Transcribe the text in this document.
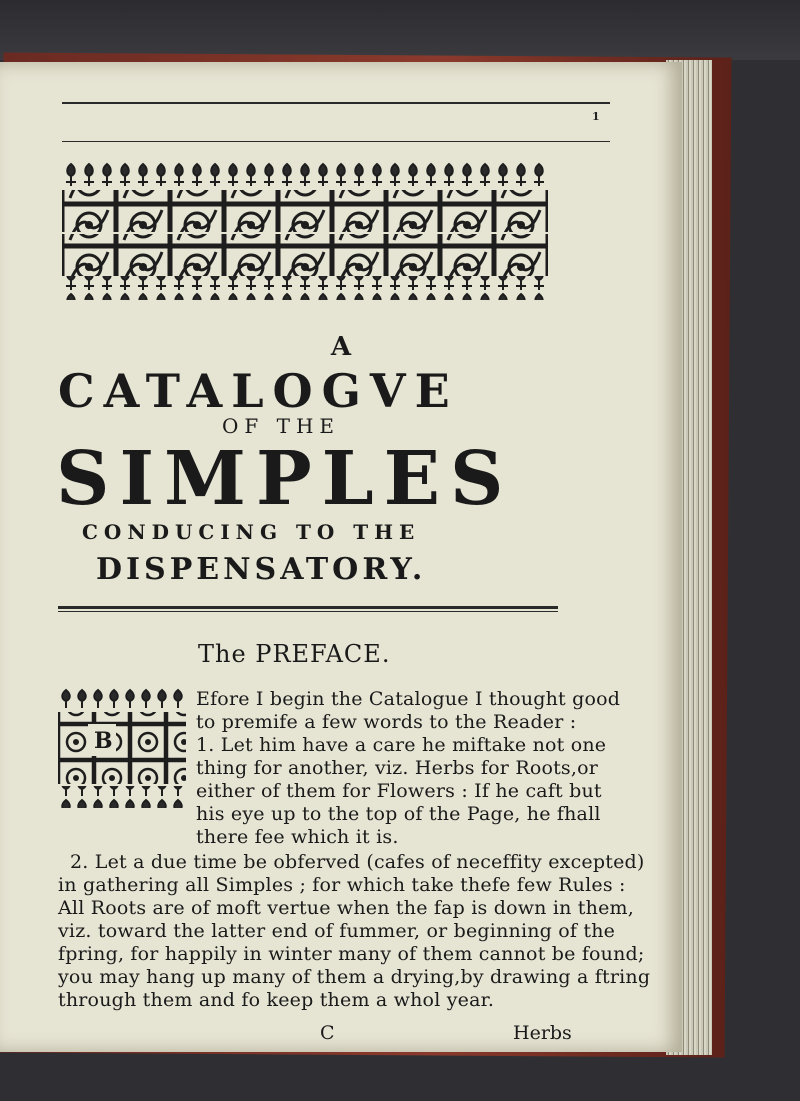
1
A
CATALOGVE
OF THE
SIMPLES
CONDUCING TO THE
DISPENSATORY.
The PREFACE.
B
Efore I begin the Catalogue I thought good
to premife a few words to the Reader :
1. Let him have a care he miftake not one
thing for another, viz. Herbs for Roots,or
either of them for Flowers : If he caft but
his eye up to the top of the Page, he fhall
there fee which it is.
2. Let a due time be obferved (cafes of neceffity excepted)
in gathering all Simples ; for which take thefe few Rules :
All Roots are of moft vertue when the fap is down in them,
viz. toward the latter end of fummer, or beginning of the
fpring, for happily in winter many of them cannot be found;
you may hang up many of them a drying,by drawing a ftring
through them and fo keep them a whol year.
C	Herbs
